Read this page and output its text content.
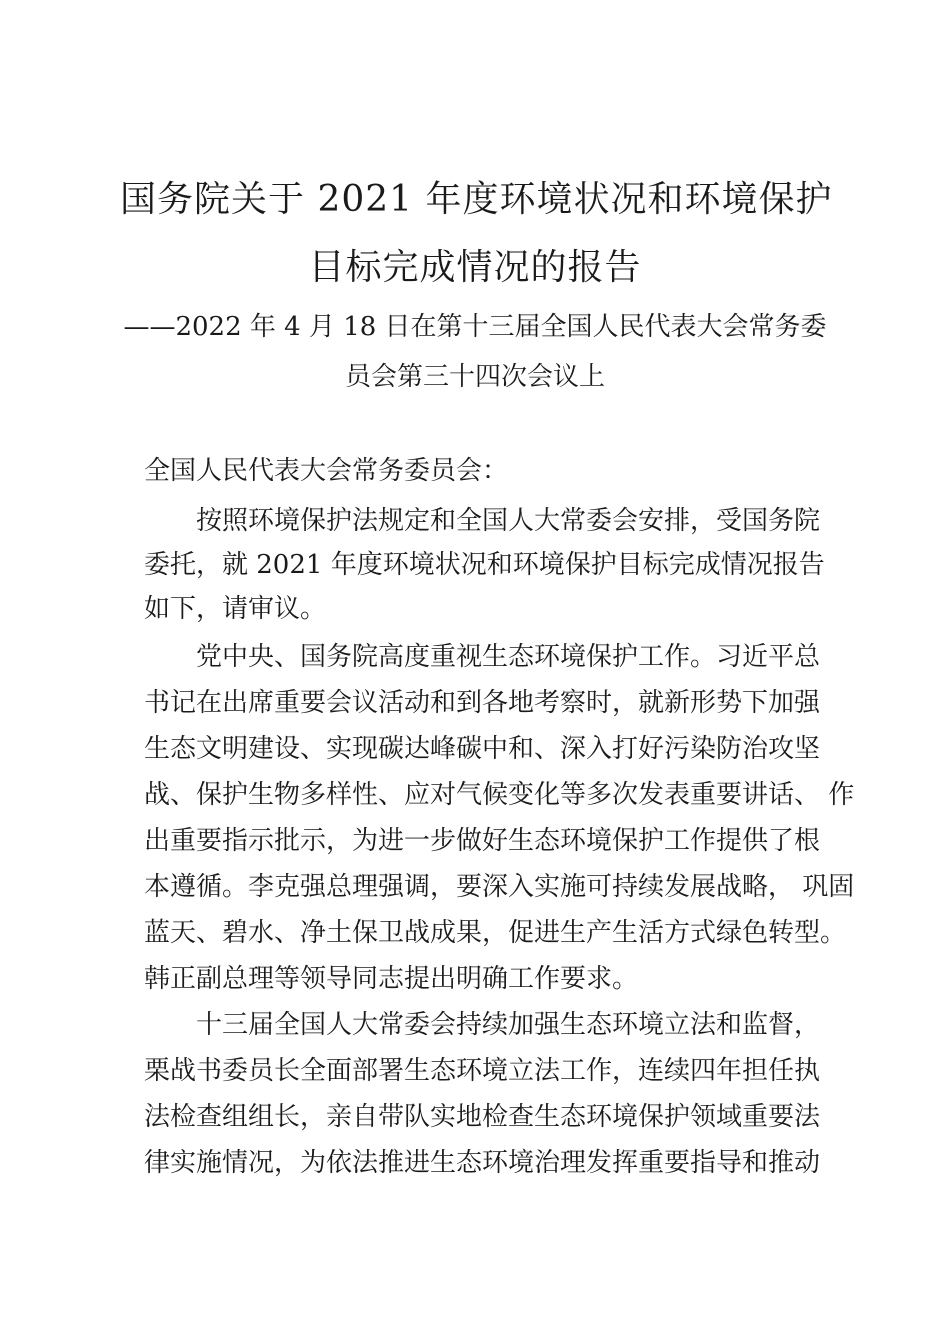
国务院关于 2021 年度环境状况和环境保护
目标完成情况的报告
——2022 年 4 月 18 日在第十三届全国人民代表大会常务委
员会第三十四次会议上
全国人民代表大会常务委员会：
按照环境保护法规定和全国人大常委会安排，受国务院
委托，就 2021 年度环境状况和环境保护目标完成情况报告
如下，请审议。
党中央、国务院高度重视生态环境保护工作。习近平总
书记在出席重要会议活动和到各地考察时，就新形势下加强
生态文明建设、实现碳达峰碳中和、深入打好污染防治攻坚
战、保护生物多样性、应对气候变化等多次发表重要讲话、 作
出重要指示批示，为进一步做好生态环境保护工作提供了根
本遵循。李克强总理强调，要深入实施可持续发展战略， 巩固
蓝天、碧水、净土保卫战成果，促进生产生活方式绿色转型。
韩正副总理等领导同志提出明确工作要求。
十三届全国人大常委会持续加强生态环境立法和监督，
栗战书委员长全面部署生态环境立法工作，连续四年担任执
法检查组组长，亲自带队实地检查生态环境保护领域重要法
律实施情况，为依法推进生态环境治理发挥重要指导和推动
